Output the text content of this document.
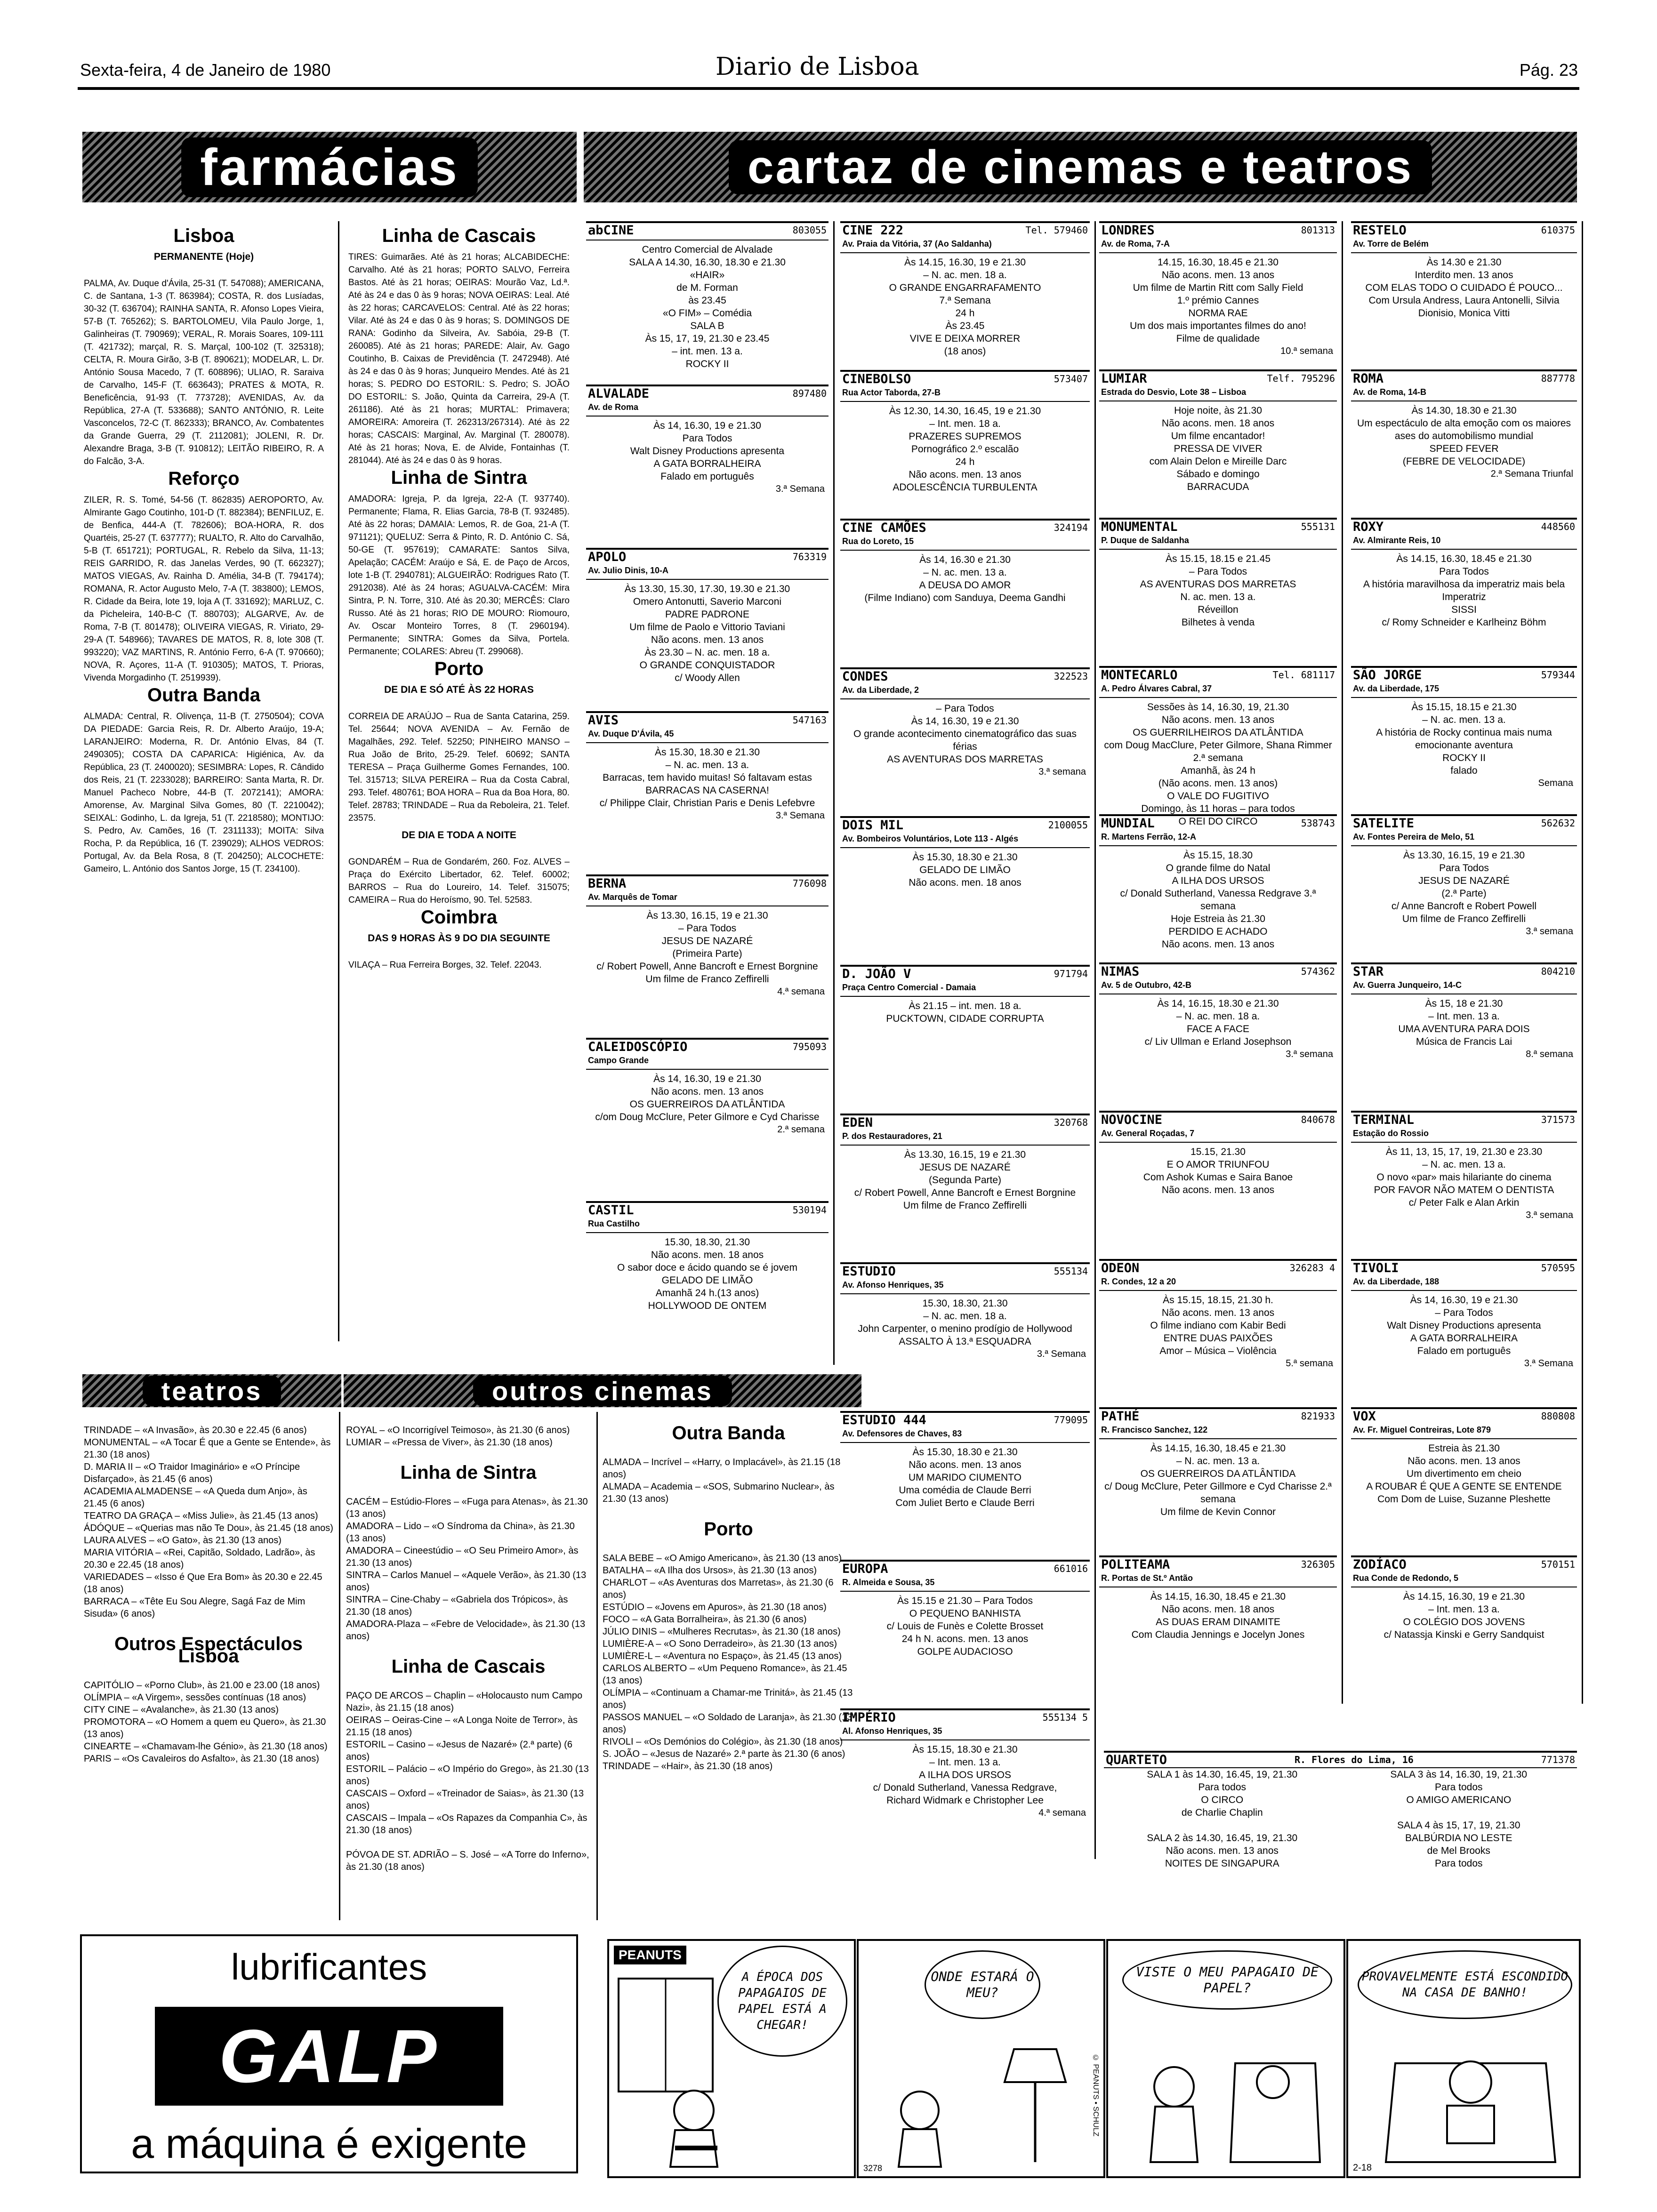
Sexta-feira, 4 de Janeiro de 1980	Diario de Lisboa	Pág. 23
farmácias	cartaz de cinemas e teatros
Lisboa
PERMANENTE (Hoje)

PALMA, Av. Duque d'Ávila, 25-31 (T. 547088); AMERICANA, C. de Santana, 1-3 (T. 863984); COSTA, R. dos Lusíadas, 30-32 (T. 636704); RAINHA SANTA, R. Afonso Lopes Vieira, 57-B (T. 765262); S. BARTOLOMEU, Vila Paulo Jorge, 1, Galinheiras (T. 790969); VERAL, R. Morais Soares, 109-111 (T. 421732); marçal, R. S. Marçal, 100-102 (T. 325318); CELTA, R. Moura Girão, 3-B (T. 890621); MODELAR, L. Dr. António Sousa Macedo, 7 (T. 608896); ULIAO, R. Saraiva de Carvalho, 145-F (T. 663643); PRATES & MOTA, R. Beneficência, 91-93 (T. 773728); AVENIDAS, Av. da República, 27-A (T. 533688); SANTO ANTÓNIO, R. Leite Vasconcelos, 72-C (T. 862333); BRANCO, Av. Combatentes da Grande Guerra, 29 (T. 2112081); JOLENI, R. Dr. Alexandre Braga, 3-B (T. 910812); LEITÃO RIBEIRO, R. A do Falcão, 3-A.

Reforço

ZILER, R. S. Tomé, 54-56 (T. 862835) AEROPORTO, Av. Almirante Gago Coutinho, 101-D (T. 882384); BENFILUZ, E. de Benfica, 444-A (T. 782606); BOA-HORA, R. dos Quartéis, 25-27 (T. 637777); RUALTO, R. Alto do Carvalhão, 5-B (T. 651721); PORTUGAL, R. Rebelo da Silva, 11-13; REIS GARRIDO, R. das Janelas Verdes, 90 (T. 662327); MATOS VIEGAS, Av. Rainha D. Amélia, 34-B (T. 794174); ROMANA, R. Actor Augusto Melo, 7-A (T. 383800); LEMOS, R. Cidade da Beira, lote 19, loja A (T. 331692); MARLUZ, C. da Picheleira, 140-B-C (T. 880703); ALGARVE, Av. de Roma, 7-B (T. 801478); OLIVEIRA VIEGAS, R. Viriato, 29-29-A (T. 548966); TAVARES DE MATOS, R. 8, lote 308 (T. 993220); VAZ MARTINS, R. António Ferro, 6-A (T. 970660); NOVA, R. Açores, 11-A (T. 910305); MATOS, T. Prioras, Vivenda Morgadinho (T. 2519939).

Outra Banda

ALMADA: Central, R. Olivença, 11-B (T. 2750504); COVA DA PIEDADE: Garcia Reis, R. Dr. Alberto Araújo, 19-A; LARANJEIRO: Moderna, R. Dr. António Elvas, 84 (T. 2490305); COSTA DA CAPARICA: Higiénica, Av. da República, 23 (T. 2400020); SESIMBRA: Lopes, R. Cândido dos Reis, 21 (T. 2233028); BARREIRO: Santa Marta, R. Dr. Manuel Pacheco Nobre, 44-B (T. 2072141); AMORA: Amorense, Av. Marginal Silva Gomes, 80 (T. 2210042); SEIXAL: Godinho, L. da Igreja, 51 (T. 2218580); MONTIJO: S. Pedro, Av. Camões, 16 (T. 2311133); MOITA: Silva Rocha, P. da República, 16 (T. 239029); ALHOS VEDROS: Portugal, Av. da Bela Rosa, 8 (T. 204250); ALCOCHETE: Gameiro, L. António dos Santos Jorge, 15 (T. 234100).

Linha de Cascais

TIRES: Guimarães. Até às 21 horas; ALCABIDECHE: Carvalho. Até às 21 horas; PORTO SALVO, Ferreira Bastos. Até às 21 horas; OEIRAS: Mourão Vaz, Ld.ª. Até às 24 e das 0 às 9 horas; NOVA OEIRAS: Leal. Até às 22 horas; CARCAVELOS: Central. Até às 22 horas; Vilar. Até às 24 e das 0 às 9 horas; S. DOMINGOS DE RANA: Godinho da Silveira, Av. Sabóia, 29-B (T. 260085). Até às 21 horas; PAREDE: Alair, Av. Gago Coutinho, B. Caixas de Previdência (T. 2472948). Até às 24 e das 0 às 9 horas; Junqueiro Mendes. Até às 21 horas; S. PEDRO DO ESTORIL: S. Pedro; S. JOÃO DO ESTORIL: S. João, Quinta da Carreira, 29-A (T. 261186). Até às 21 horas; MURTAL: Primavera; AMOREIRA: Amoreira (T. 262313/267314). Até às 22 horas; CASCAIS: Marginal, Av. Marginal (T. 280078). Até às 21 horas; Nova, E. de Alvide, Fontainhas (T. 281044). Até às 24 e das 0 às 9 horas.

Linha de Sintra

AMADORA: Igreja, P. da Igreja, 22-A (T. 937740). Permanente; Flama, R. Elias Garcia, 78-B (T. 932485). Até às 22 horas; DAMAIA: Lemos, R. de Goa, 21-A (T. 971121); QUELUZ: Serra & Pinto, R. D. António C. Sá, 50-GE (T. 957619); CAMARATE: Santos Silva, Apelação; CACÉM: Araújo e Sá, E. de Paço de Arcos, lote 1-B (T. 2940781); ALGUEIRÃO: Rodrigues Rato (T. 2912038). Até às 24 horas; AGUALVA-CACÉM: Mira Sintra, P. N. Torre, 310. Até às 20.30; MERCÊS: Claro Russo. Até às 21 horas; RIO DE MOURO: Riomouro, Av. Oscar Monteiro Torres, 8 (T. 2960194). Permanente; SINTRA: Gomes da Silva, Portela. Permanente; COLARES: Abreu (T. 299068).

Porto
DE DIA E SÓ ATÉ ÀS 22 HORAS

CORREIA DE ARAÚJO – Rua de Santa Catarina, 259. Tel. 25644; NOVA AVENIDA – Av. Fernão de Magalhães, 292. Telef. 52250; PINHEIRO MANSO – Rua João de Brito, 25-29. Telef. 60692; SANTA TERESA – Praça Guilherme Gomes Fernandes, 100. Tel. 315713; SILVA PEREIRA – Rua da Costa Cabral, 293. Telef. 480761; BOA HORA – Rua da Boa Hora, 80. Telef. 28783; TRINDADE – Rua da Reboleira, 21. Telef. 23575.

DE DIA E TODA A NOITE

GONDARÉM – Rua de Gondarém, 260. Foz. ALVES – Praça do Exército Libertador, 62. Telef. 60002; BARROS – Rua do Loureiro, 14. Telef. 315075; CAMEIRA – Rua do Heroísmo, 90. Tel. 52583.

Coimbra
DAS 9 HORAS ÀS 9 DO DIA SEGUINTE

VILAÇA – Rua Ferreira Borges, 32. Telef. 22043.

abCINE	803055
Centro Comercial de Alvalade
SALA A 14.30, 16.30, 18.30 e 21.30
«HAIR»
de M. Forman
às 23.45
«O FIM» – Comédia
SALA B
Às 15, 17, 19, 21.30 e 23.45
– int. men. 13 a.
ROCKY II
ALVALADE	897480
Av. de Roma
Às 14, 16.30, 19 e 21.30
Para Todos
Walt Disney Productions apresenta
A GATA BORRALHEIRA
Falado em português
3.ª Semana
APOLO	763319
Av. Julio Dinis, 10-A
Às 13.30, 15.30, 17.30, 19.30 e 21.30
Omero Antonutti, Saverio Marconi
PADRE PADRONE
Um filme de Paolo e Vittorio Taviani
Não acons. men. 13 anos
Às 23.30 – N. ac. men. 18 a.
O GRANDE CONQUISTADOR
c/ Woody Allen
AVIS	547163
Av. Duque D'Ávila, 45
Às 15.30, 18.30 e 21.30
– N. ac. men. 13 a.
Barracas, tem havido muitas! Só faltavam estas
BARRACAS NA CASERNA!
c/ Philippe Clair, Christian Paris e Denis Lefebvre
3.ª Semana
BERNA	776098
Av. Marquês de Tomar
Às 13.30, 16.15, 19 e 21.30
– Para Todos
JESUS DE NAZARÉ
(Primeira Parte)
c/ Robert Powell, Anne Bancroft e Ernest Borgnine
Um filme de Franco Zeffirelli
4.ª semana
CALEIDOSCÓPIO	795093
Campo Grande
Às 14, 16.30, 19 e 21.30
Não acons. men. 13 anos
OS GUERREIROS DA ATLÂNTIDA
c/om Doug McClure, Peter Gilmore e Cyd Charisse
2.ª semana
CASTIL	530194
Rua Castilho
15.30, 18.30, 21.30
Não acons. men. 18 anos
O sabor doce e ácido quando se é jovem
GELADO DE LIMÃO
Amanhã 24 h.(13 anos)
HOLLYWOOD DE ONTEM
CINE 222	Tel. 579460
Av. Praia da Vitória, 37 (Ao Saldanha)
Às 14.15, 16.30, 19 e 21.30
– N. ac. men. 18 a.
O GRANDE ENGARRAFAMENTO
7.ª Semana
24 h
Às 23.45
VIVE E DEIXA MORRER
(18 anos)
CINEBOLSO	573407
Rua Actor Taborda, 27-B
Às 12.30, 14.30, 16.45, 19 e 21.30
– Int. men. 18 a.
PRAZERES SUPREMOS
Pornográfico 2.º escalão
24 h
Não acons. men. 13 anos
ADOLESCÊNCIA TURBULENTA
CINE CAMÕES	324194
Rua do Loreto, 15
Às 14, 16.30 e 21.30
– N. ac. men. 13 a.
A DEUSA DO AMOR
(Filme Indiano) com Sanduya, Deema Gandhi
CONDES	322523
Av. da Liberdade, 2
– Para Todos
Às 14, 16.30, 19 e 21.30
O grande acontecimento cinematográfico das suas férias
AS AVENTURAS DOS MARRETAS
3.ª semana
DOIS MIL	2100055
Av. Bombeiros Voluntários, Lote 113 - Algés
Às 15.30, 18.30 e 21.30
GELADO DE LIMÃO
Não acons. men. 18 anos
D. JOÃO V	971794
Praça Centro Comercial - Damaia
Às 21.15 – int. men. 18 a.
PUCKTOWN, CIDADE CORRUPTA
EDEN	320768
P. dos Restauradores, 21
Às 13.30, 16.15, 19 e 21.30
JESUS DE NAZARÉ
(Segunda Parte)
c/ Robert Powell, Anne Bancroft e Ernest Borgnine
Um filme de Franco Zeffirelli
ESTUDIO	555134
Av. Afonso Henriques, 35
15.30, 18.30, 21.30
– N. ac. men. 18 a.
John Carpenter, o menino prodígio de Hollywood
ASSALTO À 13.ª ESQUADRA
3.ª Semana
ESTUDIO 444	779095
Av. Defensores de Chaves, 83
Às 15.30, 18.30 e 21.30
Não acons. men. 13 anos
UM MARIDO CIUMENTO
Uma comédia de Claude Berri
Com Juliet Berto e Claude Berri
EUROPA	661016
R. Almeida e Sousa, 35
Às 15.15 e 21.30 – Para Todos
O PEQUENO BANHISTA
c/ Louis de Funès e Colette Brosset
24 h N. acons. men. 13 anos
GOLPE AUDACIOSO
IMPÉRIO	555134 5
Al. Afonso Henriques, 35
Às 15.15, 18.30 e 21.30
– Int. men. 13 a.
A ILHA DOS URSOS
c/ Donald Sutherland, Vanessa Redgrave,
Richard Widmark e Christopher Lee
4.ª semana
LONDRES	801313
Av. de Roma, 7-A
14.15, 16.30, 18.45 e 21.30
Não acons. men. 13 anos
Um filme de Martin Ritt com Sally Field
1.º prémio Cannes
NORMA RAE
Um dos mais importantes filmes do ano!
Filme de qualidade
10.ª semana
LUMIAR	Telf. 795296
Estrada do Desvio, Lote 38 – Lisboa
Hoje noite, às 21.30
Não acons. men. 18 anos
Um filme encantador!
PRESSA DE VIVER
com Alain Delon e Mireille Darc
Sábado e domingo
BARRACUDA
MONUMENTAL	555131
P. Duque de Saldanha
Às 15.15, 18.15 e 21.45
– Para Todos
AS AVENTURAS DOS MARRETAS
N. ac. men. 13 a.
Réveillon
Bilhetes à venda
MONTECARLO	Tel. 681117
A. Pedro Álvares Cabral, 37
Sessões às 14, 16.30, 19, 21.30
Não acons. men. 13 anos
OS GUERRILHEIROS DA ATLÂNTIDA
com Doug MacClure, Peter Gilmore, Shana Rimmer 2.ª semana
Amanhã, às 24 h
(Não acons. men. 13 anos)
O VALE DO FUGITIVO
Domingo, às 11 horas – para todos
O REI DO CIRCO
MUNDIAL	538743
R. Martens Ferrão, 12-A
Às 15.15, 18.30
O grande filme do Natal
A ILHA DOS URSOS
c/ Donald Sutherland, Vanessa Redgrave 3.ª semana
Hoje Estreia às 21.30
PERDIDO E ACHADO
Não acons. men. 13 anos
NIMAS	574362
Av. 5 de Outubro, 42-B
Às 14, 16.15, 18.30 e 21.30
– N. ac. men. 18 a.
FACE A FACE
c/ Liv Ullman e Erland Josephson
3.ª semana
NOVOCINE	840678
Av. General Roçadas, 7
15.15, 21.30
E O AMOR TRIUNFOU
Com Ashok Kumas e Saira Banoe
Não acons. men. 13 anos
ODEON	326283 4
R. Condes, 12 a 20
Às 15.15, 18.15, 21.30 h.
Não acons. men. 13 anos
O filme indiano com Kabir Bedi
ENTRE DUAS PAIXÕES
Amor – Música – Violência
5.ª semana
PATHÉ	821933
R. Francisco Sanchez, 122
Às 14.15, 16.30, 18.45 e 21.30
– N. ac. men. 13 a.
OS GUERREIROS DA ATLÂNTIDA
c/ Doug McClure, Peter Gillmore e Cyd Charisse 2.ª semana
Um filme de Kevin Connor
POLITEAMA	326305
R. Portas de St.º Antão
Às 14.15, 16.30, 18.45 e 21.30
Não acons. men. 18 anos
AS DUAS ERAM DINAMITE
Com Claudia Jennings e Jocelyn Jones
RESTELO	610375
Av. Torre de Belém
Às 14.30 e 21.30
Interdito men. 13 anos
COM ELAS TODO O CUIDADO É POUCO...
Com Ursula Andress, Laura Antonelli, Silvia Dionisio, Monica Vitti
ROMA	887778
Av. de Roma, 14-B
Às 14.30, 18.30 e 21.30
Um espectáculo de alta emoção com os maiores ases do automobilismo mundial
SPEED FEVER
(FEBRE DE VELOCIDADE)
2.ª Semana Triunfal
ROXY	448560
Av. Almirante Reis, 10
Às 14.15, 16.30, 18.45 e 21.30
Para Todos
A história maravilhosa da imperatriz mais bela
Imperatriz
SISSI
c/ Romy Schneider e Karlheinz Böhm
SÃO JORGE	579344
Av. da Liberdade, 175
Às 15.15, 18.15 e 21.30
– N. ac. men. 13 a.
A história de Rocky continua mais numa emocionante aventura
ROCKY II
falado
Semana
SATELITE	562632
Av. Fontes Pereira de Melo, 51
Às 13.30, 16.15, 19 e 21.30
Para Todos
JESUS DE NAZARÉ
(2.ª Parte)
c/ Anne Bancroft e Robert Powell
Um filme de Franco Zeffirelli
3.ª semana
STAR	804210
Av. Guerra Junqueiro, 14-C
Às 15, 18 e 21.30
– Int. men. 13 a.
UMA AVENTURA PARA DOIS
Música de Francis Lai
8.ª semana
TERMINAL	371573
Estação do Rossio
Às 11, 13, 15, 17, 19, 21.30 e 23.30
– N. ac. men. 13 a.
O novo «par» mais hilariante do cinema
POR FAVOR NÃO MATEM O DENTISTA
c/ Peter Falk e Alan Arkin
3.ª semana
TIVOLI	570595
Av. da Liberdade, 188
Às 14, 16.30, 19 e 21.30
– Para Todos
Walt Disney Productions apresenta
A GATA BORRALHEIRA
Falado em português
3.ª Semana
VOX	880808
Av. Fr. Miguel Contreiras, Lote 879
Estreia às 21.30
Não acons. men. 13 anos
Um divertimento em cheio
A ROUBAR É QUE A GENTE SE ENTENDE
Com Dom de Luise, Suzanne Pleshette
ZODÍACO	570151
Rua Conde de Redondo, 5
Às 14.15, 16.30, 19 e 21.30
– Int. men. 13 a.
O COLÉGIO DOS JOVENS
c/ Natassja Kinski e Gerry Sandquist
QUARTETO	R. Flores do Lima, 16	771378
SALA 1 às 14.30, 16.45, 19, 21.30
Para todos
O CIRCO
de Charlie Chaplin

SALA 2 às 14.30, 16.45, 19, 21.30
Não acons. men. 13 anos
NOITES DE SINGAPURA
SALA 3 às 14, 16.30, 19, 21.30
Para todos
O AMIGO AMERICANO

SALA 4 às 15, 17, 19, 21.30
BALBÚRDIA NO LESTE
de Mel Brooks
Para todos
teatros	outros cinemas

TRINDADE – «A Invasão», às 20.30 e 22.45 (6 anos)
MONUMENTAL – «A Tocar É que a Gente se Entende», às 21.30 (18 anos)
D. MARIA II – «O Traidor Imaginário» e «O Príncipe Disfarçado», às 21.45 (6 anos)
ACADEMIA ALMADENSE – «A Queda dum Anjo», às 21.45 (6 anos)
TEATRO DA GRAÇA – «Miss Julie», às 21.45 (13 anos)
ÁDÓQUE – «Querias mas não Te Dou», às 21.45 (18 anos)
LAURA ALVES – «O Gato», às 21.30 (13 anos)
MARIA VITÓRIA – «Rei, Capitão, Soldado, Ladrão», às 20.30 e 22.45 (18 anos)
VARIEDADES – «Isso é Que Era Bom» às 20.30 e 22.45 (18 anos)
BARRACA – «Tête Eu Sou Alegre, Sagá Faz de Mim Sisuda» (6 anos)

Outros Espectáculos Lisboa

CAPITÓLIO – «Porno Club», às 21.00 e 23.00 (18 anos)
OLÍMPIA – «A Virgem», sessões contínuas (18 anos)
CITY CINE – «Avalanche», às 21.30 (13 anos)
PROMOTORA – «O Homem a quem eu Quero», às 21.30 (13 anos)
CINEARTE – «Chamavam-lhe Génio», às 21.30 (18 anos)
PARIS – «Os Cavaleiros do Asfalto», às 21.30 (18 anos)

ROYAL – «O Incorrigível Teimoso», às 21.30 (6 anos)
LUMIAR – «Pressa de Viver», às 21.30 (18 anos)

Linha de Sintra

CACÉM – Estúdio-Flores – «Fuga para Atenas», às 21.30 (13 anos)
AMADORA – Lido – «O Síndroma da China», às 21.30 (13 anos)
AMADORA – Cineestúdio – «O Seu Primeiro Amor», às 21.30 (13 anos)
SINTRA – Carlos Manuel – «Aquele Verão», às 21.30 (13 anos)
SINTRA – Cine-Chaby – «Gabriela dos Trópicos», às 21.30 (18 anos)
AMADORA-Plaza – «Febre de Velocidade», às 21.30 (13 anos)

Linha de Cascais

PAÇO DE ARCOS – Chaplin – «Holocausto num Campo Nazi», às 21.15 (18 anos)
OEIRAS – Oeiras-Cine – «A Longa Noite de Terror», às 21.15 (18 anos)
ESTORIL – Casino – «Jesus de Nazaré» (2.ª parte) (6 anos)
ESTORIL – Palácio – «O Império do Grego», às 21.30 (13 anos)
CASCAIS – Oxford – «Treinador de Saias», às 21.30 (13 anos)
CASCAIS – Impala – «Os Rapazes da Companhia C», às 21.30 (18 anos)

PÓVOA DE ST. ADRIÃO – S. José – «A Torre do Inferno», às 21.30 (18 anos)

Outra Banda

ALMADA – Incrível – «Harry, o Implacável», às 21.15 (18 anos)
ALMADA – Academia – «SOS, Submarino Nuclear», às 21.30 (13 anos)

Porto

SALA BEBE – «O Amigo Americano», às 21.30 (13 anos)
BATALHA – «A Ilha dos Ursos», às 21.30 (13 anos)
CHARLOT – «As Aventuras dos Marretas», às 21.30 (6 anos)
ESTÚDIO – «Jovens em Apuros», às 21.30 (18 anos)
FOCO – «A Gata Borralheira», às 21.30 (6 anos)
JÚLIO DINIS – «Mulheres Recrutas», às 21.30 (18 anos)
LUMIÈRE-A – «O Sono Derradeiro», às 21.30 (13 anos)
LUMIÈRE-L – «Aventura no Espaço», às 21.45 (13 anos)
CARLOS ALBERTO – «Um Pequeno Romance», às 21.45 (13 anos)
OLÍMPIA – «Continuam a Chamar-me Trinitá», às 21.45 (13 anos)
PASSOS MANUEL – «O Soldado de Laranja», às 21.30 (13 anos)
RIVOLI – «Os Demónios do Colégio», às 21.30 (18 anos)
S. JOÃO – «Jesus de Nazaré» 2.ª parte às 21.30 (6 anos)
TRINDADE – «Hair», às 21.30 (18 anos)

lubrificantes
GALP
a máquina é exigente
PEANUTS
A ÉPOCA DOS PAPAGAIOS DE PAPEL ESTÁ A CHEGAR!
ONDE ESTARÁ O MEU?
© PEANUTS • SCHULZ
3278
VISTE O MEU PAPAGAIO DE PAPEL?
PROVAVELMENTE ESTÁ ESCONDIDO NA CASA DE BANHO!
2-18
